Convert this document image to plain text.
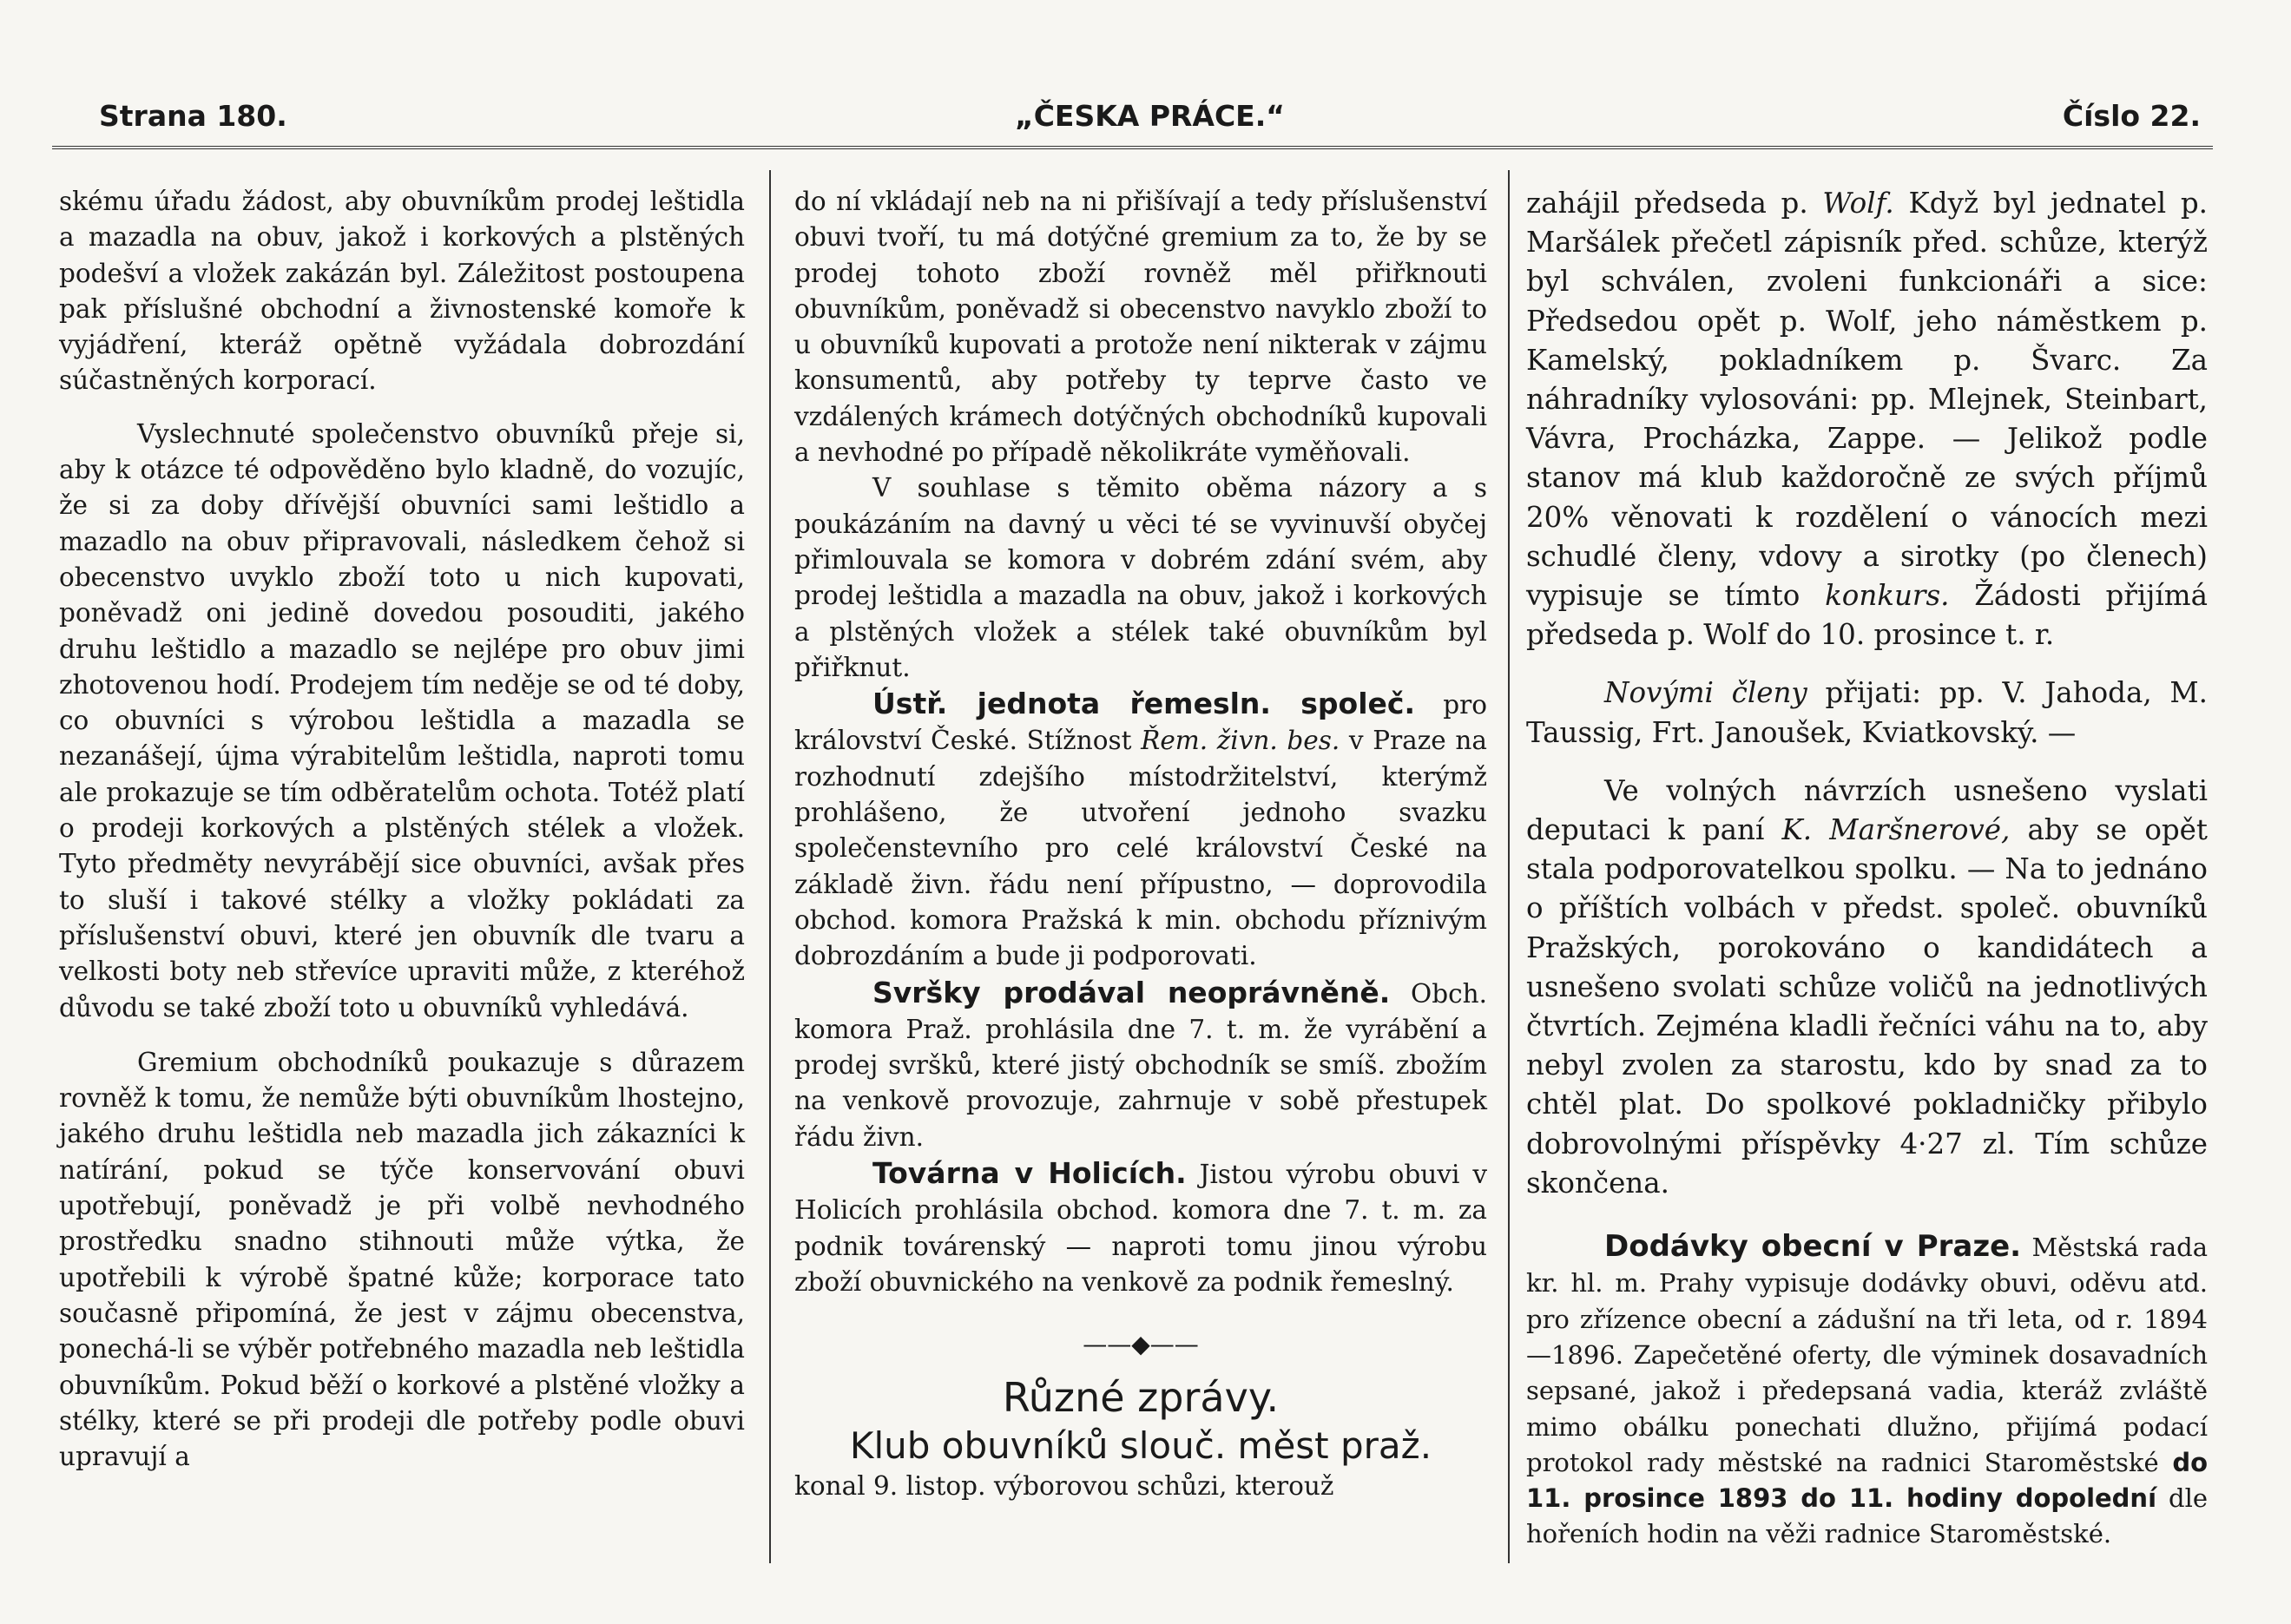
Strana 180.	„ČESKA PRÁCE.“	Číslo 22.

skému úřadu žádost, aby obuvníkům prodej leštidla a mazadla na obuv, jakož i korkových a plstěných podešví a vložek zakázán byl. Záležitost postoupena pak příslušné obchodní a živnostenské komoře k vyjádření, kteráž opětně vyžádala dobrozdání súčastněných korporací.

Vyslechnuté společenstvo obuvníků přeje si, aby k otázce té odpověděno bylo kladně, do vozujíc, že si za doby dřívější obuvníci sami leštidlo a mazadlo na obuv připravovali, následkem čehož si obecenstvo uvyklo zboží toto u nich kupovati, poněvadž oni jedině dovedou posouditi, jakého druhu leštidlo a mazadlo se nejlépe pro obuv jimi zhotovenou hodí. Prodejem tím neděje se od té doby, co obuvníci s výrobou leštidla a mazadla se nezanášejí, újma výrabitelům leštidla, naproti tomu ale prokazuje se tím odběratelům ochota. Totéž platí o prodeji korkových a plstěných stélek a vložek. Tyto předměty nevyrábějí sice obuvníci, avšak přes to sluší i takové stélky a vložky pokládati za příslušenství obuvi, které jen obuvník dle tvaru a velkosti boty neb střevíce upraviti může, z kteréhož důvodu se také zboží toto u obuvníků vyhledává.

Gremium obchodníků poukazuje s důrazem rovněž k tomu, že nemůže býti obuvníkům lhostejno, jakého druhu leštidla neb mazadla jich zákazníci k natírání, pokud se týče konservování obuvi upotřebují, poněvadž je při volbě nevhodného prostředku snadno stihnouti může výtka, že upotřebili k výrobě špatné kůže; korporace tato současně připomíná, že jest v zájmu obecenstva, ponechá-li se výběr potřebného mazadla neb leštidla obuvníkům. Pokud běží o korkové a plstěné vložky a stélky, které se při prodeji dle potřeby podle obuvi upravují a

do ní vkládají neb na ni přišívají a tedy příslušenství obuvi tvoří, tu má dotýčné gremium za to, že by se prodej tohoto zboží rovněž měl přiřknouti obuvníkům, poněvadž si obecenstvo navyklo zboží to u obuvníků kupovati a protože není nikterak v zájmu konsumentů, aby potřeby ty teprve často ve vzdálených krámech dotýčných obchodníků kupovali a nevhodné po případě několikráte vyměňovali.

V souhlase s těmito oběma názory a s poukázáním na davný u věci té se vyvinuvší obyčej přimlouvala se komora v dobrém zdání svém, aby prodej leštidla a mazadla na obuv, jakož i korkových a plstěných vložek a stélek také obuvníkům byl přiřknut.

Ústř. jednota řemesln. společ. pro království České. Stížnost Řem. živn. bes. v Praze na rozhodnutí zdejšího místodržitelství, kterýmž prohlášeno, že utvoření jednoho svazku společenstevního pro celé království České na základě živn. řádu není přípustno, — doprovodila obchod. komora Pražská k min. obchodu příznivým dobrozdáním a bude ji podporovati.

Svršky prodával neoprávněně. Obch. komora Praž. prohlásila dne 7. t. m. že vyrábění a prodej svršků, které jistý obchodník se smíš. zbožím na venkově provozuje, zahrnuje v sobě přestupek řádu živn.

Továrna v Holicích. Jistou výrobu obuvi v Holicích prohlásila obchod. komora dne 7. t. m. za podnik továrenský — naproti tomu jinou výrobu zboží obuvnického na venkově za podnik řemeslný.

——◆——
Různé zprávy.
Klub obuvníků slouč. měst praž.

konal 9. listop. výborovou schůzi, kterouž

zahájil předseda p. Wolf. Když byl jednatel p. Maršálek přečetl zápisník před. schůze, kterýž byl schválen, zvoleni funkcionáři a sice: Předsedou opět p. Wolf, jeho náměstkem p. Kamelský, pokladníkem p. Švarc. Za náhradníky vylosováni: pp. Mlejnek, Steinbart, Vávra, Procházka, Zappe. — Jelikož podle stanov má klub každoročně ze svých příjmů 20% věnovati k rozdělení o vánocích mezi schudlé členy, vdovy a sirotky (po členech) vypisuje se tímto konkurs. Žádosti přijímá předseda p. Wolf do 10. prosince t. r.

Novými členy přijati: pp. V. Jahoda, M. Taussig, Frt. Janoušek, Kviatkovský. —

Ve volných návrzích usnešeno vyslati deputaci k paní K. Maršnerové, aby se opět stala podporovatelkou spolku. — Na to jednáno o příštích volbách v předst. společ. obuvníků Pražských, porokováno o kandidátech a usnešeno svolati schůze voličů na jednotlivých čtvrtích. Zejména kladli řečníci váhu na to, aby nebyl zvolen za starostu, kdo by snad za to chtěl plat. Do spolkové pokladničky přibylo dobrovolnými příspěvky 4·27 zl. Tím schůze skončena.

Dodávky obecní v Praze. Městská rada kr. hl. m. Prahy vypisuje dodávky obuvi, oděvu atd. pro zřízence obecní a zádušní na tři leta, od r. 1894—1896. Zapečetěné oferty, dle výminek dosavadních sepsané, jakož i předepsaná vadia, kteráž zvláště mimo obálku ponechati dlužno, přijímá podací protokol rady městské na radnici Staroměstské do 11. prosince 1893 do 11. hodiny dopolední dle hořeních hodin na věži radnice Staroměstské.
